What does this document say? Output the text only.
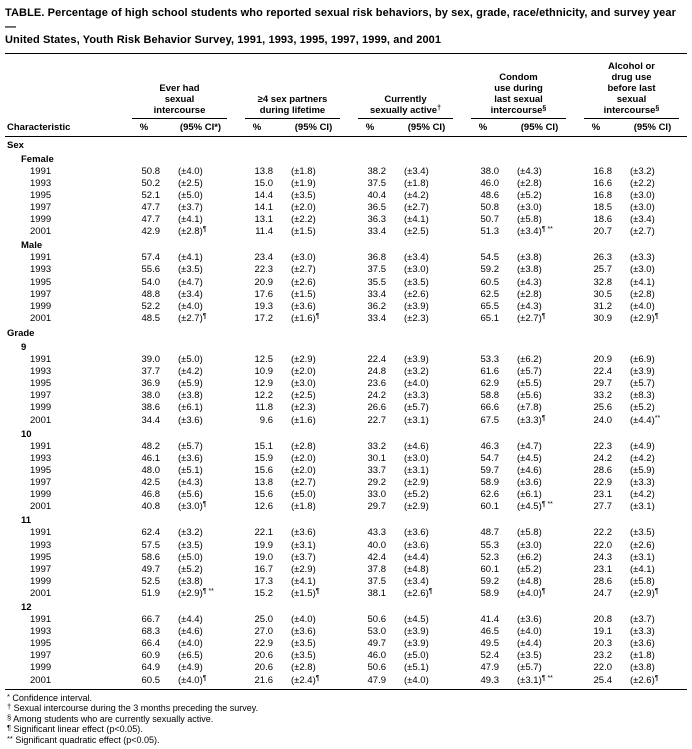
TABLE. Percentage of high school students who reported sexual risk behaviors, by sex, grade, race/ethnicity, and survey year —
United States, Youth Risk Behavior Survey, 1991, 1993, 1995, 1997, 1999, and 2001
Ever had
sexual
intercourse
≥4 sex partners
during lifetime
Currently
sexually active†
Condom
use during
last sexual
intercourse§
Alcohol or
drug use
before last
sexual
intercourse§
Characteristic	%	(95% CI*)	%	(95% CI)	%	(95% CI)	%	(95% CI)	%	(95% CI)
Sex
Female
1991	50.8	(±4.0)	13.8	(±1.8)	38.2	(±3.4)	38.0	(±4.3)	16.8	(±3.2)
1993	50.2	(±2.5)	15.0	(±1.9)	37.5	(±1.8)	46.0	(±2.8)	16.6	(±2.2)
1995	52.1	(±5.0)	14.4	(±3.5)	40.4	(±4.2)	48.6	(±5.2)	16.8	(±3.0)
1997	47.7	(±3.7)	14.1	(±2.0)	36.5	(±2.7)	50.8	(±3.0)	18.5	(±3.0)
1999	47.7	(±4.1)	13.1	(±2.2)	36.3	(±4.1)	50.7	(±5.8)	18.6	(±3.4)
2001	42.9	(±2.8)¶	11.4	(±1.5)	33.4	(±2.5)	51.3	(±3.4)¶ **	20.7	(±2.7)
Male
1991	57.4	(±4.1)	23.4	(±3.0)	36.8	(±3.4)	54.5	(±3.8)	26.3	(±3.3)
1993	55.6	(±3.5)	22.3	(±2.7)	37.5	(±3.0)	59.2	(±3.8)	25.7	(±3.0)
1995	54.0	(±4.7)	20.9	(±2.6)	35.5	(±3.5)	60.5	(±4.3)	32.8	(±4.1)
1997	48.8	(±3.4)	17.6	(±1.5)	33.4	(±2.6)	62.5	(±2.8)	30.5	(±2.8)
1999	52.2	(±4.0)	19.3	(±3.6)	36.2	(±3.9)	65.5	(±4.3)	31.2	(±4.0)
2001	48.5	(±2.7)¶	17.2	(±1.6)¶	33.4	(±2.3)	65.1	(±2.7)¶	30.9	(±2.9)¶
Grade
9
1991	39.0	(±5.0)	12.5	(±2.9)	22.4	(±3.9)	53.3	(±6.2)	20.9	(±6.9)
1993	37.7	(±4.2)	10.9	(±2.0)	24.8	(±3.2)	61.6	(±5.7)	22.4	(±3.9)
1995	36.9	(±5.9)	12.9	(±3.0)	23.6	(±4.0)	62.9	(±5.5)	29.7	(±5.7)
1997	38.0	(±3.8)	12.2	(±2.5)	24.2	(±3.3)	58.8	(±5.6)	33.2	(±8.3)
1999	38.6	(±6.1)	11.8	(±2.3)	26.6	(±5.7)	66.6	(±7.8)	25.6	(±5.2)
2001	34.4	(±3.6)	9.6	(±1.6)	22.7	(±3.1)	67.5	(±3.3)¶	24.0	(±4.4)**
10
1991	48.2	(±5.7)	15.1	(±2.8)	33.2	(±4.6)	46.3	(±4.7)	22.3	(±4.9)
1993	46.1	(±3.6)	15.9	(±2.0)	30.1	(±3.0)	54.7	(±4.5)	24.2	(±4.2)
1995	48.0	(±5.1)	15.6	(±2.0)	33.7	(±3.1)	59.7	(±4.6)	28.6	(±5.9)
1997	42.5	(±4.3)	13.8	(±2.7)	29.2	(±2.9)	58.9	(±3.6)	22.9	(±3.3)
1999	46.8	(±5.6)	15.6	(±5.0)	33.0	(±5.2)	62.6	(±6.1)	23.1	(±4.2)
2001	40.8	(±3.0)¶	12.6	(±1.8)	29.7	(±2.9)	60.1	(±4.5)¶ **	27.7	(±3.1)
11
1991	62.4	(±3.2)	22.1	(±3.6)	43.3	(±3.6)	48.7	(±5.8)	22.2	(±3.5)
1993	57.5	(±3.5)	19.9	(±3.1)	40.0	(±3.6)	55.3	(±3.0)	22.0	(±2.6)
1995	58.6	(±5.0)	19.0	(±3.7)	42.4	(±4.4)	52.3	(±6.2)	24.3	(±3.1)
1997	49.7	(±5.2)	16.7	(±2.9)	37.8	(±4.8)	60.1	(±5.2)	23.1	(±4.1)
1999	52.5	(±3.8)	17.3	(±4.1)	37.5	(±3.4)	59.2	(±4.8)	28.6	(±5.8)
2001	51.9	(±2.9)¶ **	15.2	(±1.5)¶	38.1	(±2.6)¶	58.9	(±4.0)¶	24.7	(±2.9)¶
12
1991	66.7	(±4.4)	25.0	(±4.0)	50.6	(±4.5)	41.4	(±3.6)	20.8	(±3.7)
1993	68.3	(±4.6)	27.0	(±3.6)	53.0	(±3.9)	46.5	(±4.0)	19.1	(±3.3)
1995	66.4	(±4.0)	22.9	(±3.5)	49.7	(±3.9)	49.5	(±4.4)	20.3	(±3.6)
1997	60.9	(±6.5)	20.6	(±3.5)	46.0	(±5.0)	52.4	(±3.5)	23.2	(±1.8)
1999	64.9	(±4.9)	20.6	(±2.8)	50.6	(±5.1)	47.9	(±5.7)	22.0	(±3.8)
2001	60.5	(±4.0)¶	21.6	(±2.4)¶	47.9	(±4.0)	49.3	(±3.1)¶ **	25.4	(±2.6)¶
* Confidence interval.
† Sexual intercourse during the 3 months preceding the survey.
§ Among students who are currently sexually active.
¶ Significant linear effect (p<0.05).
** Significant quadratic effect (p<0.05).
